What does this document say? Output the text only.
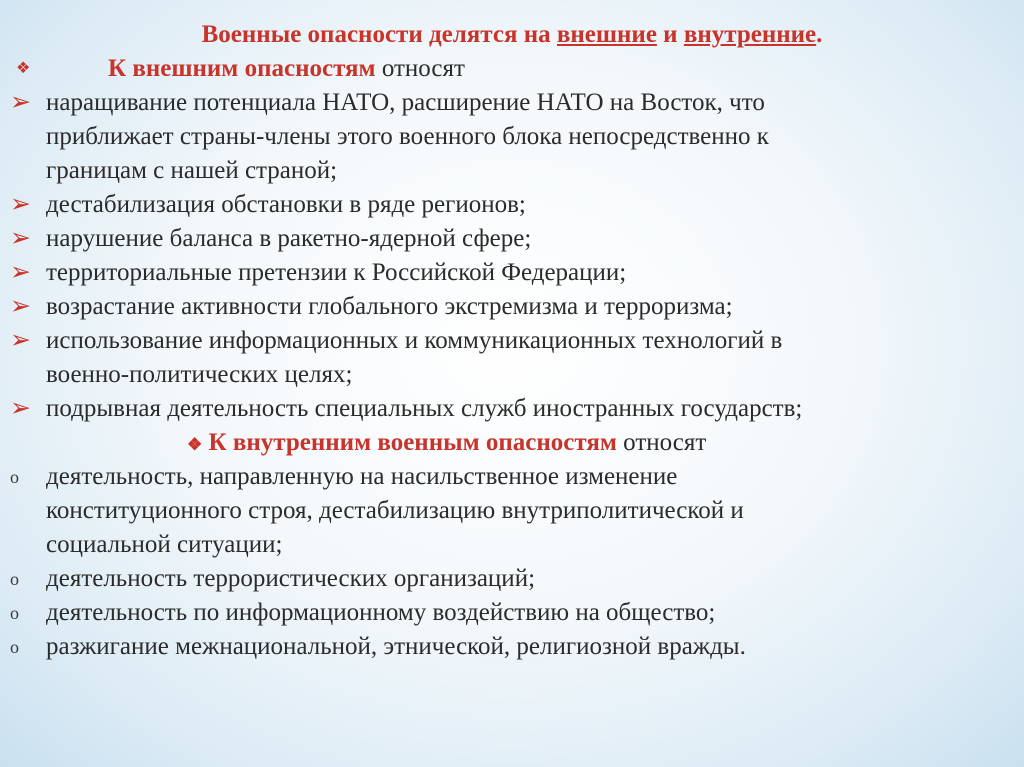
Военные опасности делятся на внешние и внутренние.
❖	К внешним опасностям относят
➢ наращивание потенциала НАТО, расширение НАТО на Восток, что
приближает страны-члены этого военного блока непосредственно к
границам с нашей страной;
➢ дестабилизация обстановки в ряде регионов;
➢ нарушение баланса в ракетно-ядерной сфере;
➢ территориальные претензии к Российской Федерации;
➢ возрастание активности глобального экстремизма и терроризма;
➢ использование информационных и коммуникационных технологий в
военно-политических целях;
➢ подрывная деятельность специальных служб иностранных государств;
❖ К внутренним военным опасностям относят
o	деятельность, направленную на насильственное изменение
конституционного строя, дестабилизацию внутриполитической и
социальной ситуации;
o	деятельность террористических организаций;
o	деятельность по информационному воздействию на общество;
o	разжигание межнациональной, этнической, религиозной вражды.
